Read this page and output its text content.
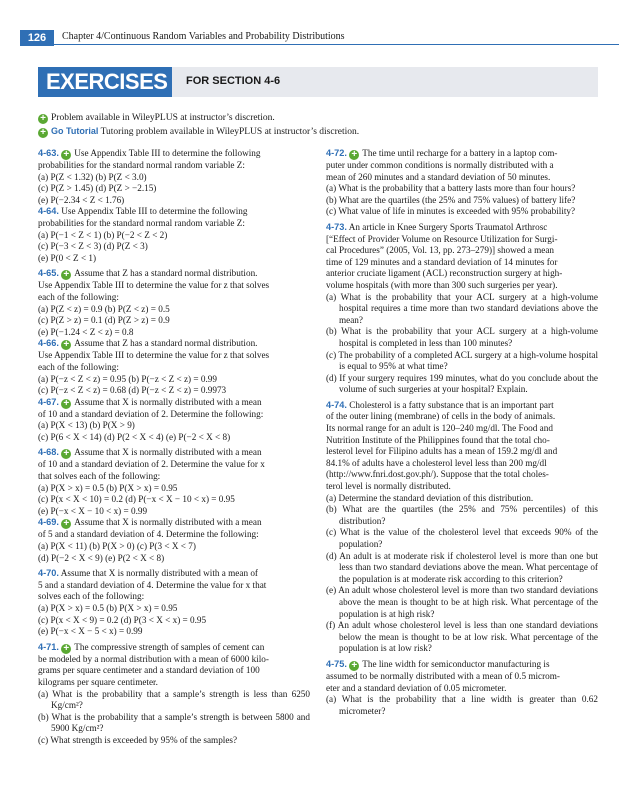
126	Chapter 4/Continuous Random Variables and Probability Distributions
EXERCISES FOR SECTION 4-6
+ Problem available in WileyPLUS at instructor’s discretion.
+ Go Tutorial Tutoring problem available in WileyPLUS at instructor’s discretion.
4-63. + Use Appendix Table III to determine the following
probabilities for the standard normal random variable Z:
(a) P(Z < 1.32) (b) P(Z < 3.0)
(c) P(Z > 1.45) (d) P(Z > −2.15)
(e) P(−2.34 < Z < 1.76)
4-64. Use Appendix Table III to determine the following
probabilities for the standard normal random variable Z:
(a) P(−1 < Z < 1) (b) P(−2 < Z < 2)
(c) P(−3 < Z < 3) (d) P(Z < 3)
(e) P(0 < Z < 1)
4-65. + Assume that Z has a standard normal distribution.
Use Appendix Table III to determine the value for z that solves
each of the following:
(a) P(Z < z) = 0.9 (b) P(Z < z) = 0.5
(c) P(Z > z) = 0.1 (d) P(Z > z) = 0.9
(e) P(−1.24 < Z < z) = 0.8
4-66. + Assume that Z has a standard normal distribution.
Use Appendix Table III to determine the value for z that solves
each of the following:
(a) P(−z < Z < z) = 0.95 (b) P(−z < Z < z) = 0.99
(c) P(−z < Z < z) = 0.68 (d) P(−z < Z < z) = 0.9973
4-67. + Assume that X is normally distributed with a mean
of 10 and a standard deviation of 2. Determine the following:
(a) P(X < 13) (b) P(X > 9)
(c) P(6 < X < 14) (d) P(2 < X < 4) (e) P(−2 < X < 8)
4-68. + Assume that X is normally distributed with a mean
of 10 and a standard deviation of 2. Determine the value for x
that solves each of the following:
(a) P(X > x) = 0.5 (b) P(X > x) = 0.95
(c) P(x < X < 10) = 0.2 (d) P(−x < X − 10 < x) = 0.95
(e) P(−x < X − 10 < x) = 0.99
4-69. + Assume that X is normally distributed with a mean
of 5 and a standard deviation of 4. Determine the following:
(a) P(X < 11) (b) P(X > 0) (c) P(3 < X < 7)
(d) P(−2 < X < 9) (e) P(2 < X < 8)
4-70. Assume that X is normally distributed with a mean of
5 and a standard deviation of 4. Determine the value for x that
solves each of the following:
(a) P(X > x) = 0.5 (b) P(X > x) = 0.95
(c) P(x < X < 9) = 0.2 (d) P(3 < X < x) = 0.95
(e) P(−x < X − 5 < x) = 0.99
4-71. + The compressive strength of samples of cement can
be modeled by a normal distribution with a mean of 6000 kilo-
grams per square centimeter and a standard deviation of 100
kilograms per square centimeter.

(a) What is the probability that a sample’s strength is less than 6250 Kg/cm²?

(b) What is the probability that a sample’s strength is between 5800 and 5900 Kg/cm²?

(c) What strength is exceeded by 95% of the samples?

4-72. + The time until recharge for a battery in a laptop com-
puter under common conditions is normally distributed with a
mean of 260 minutes and a standard deviation of 50 minutes.

(a) What is the probability that a battery lasts more than four hours?

(b) What are the quartiles (the 25% and 75% values) of battery life?

(c) What value of life in minutes is exceeded with 95% probability?

4-73. An article in Knee Surgery Sports Traumatol Arthrosc
[“Effect of Provider Volume on Resource Utilization for Surgi-
cal Procedures” (2005, Vol. 13, pp. 273–279)] showed a mean
time of 129 minutes and a standard deviation of 14 minutes for
anterior cruciate ligament (ACL) reconstruction surgery at high-
volume hospitals (with more than 300 such surgeries per year).

(a) What is the probability that your ACL surgery at a high-volume hospital requires a time more than two standard deviations above the mean?

(b) What is the probability that your ACL surgery at a high-volume hospital is completed in less than 100 minutes?

(c) The probability of a completed ACL surgery at a high-volume hospital is equal to 95% at what time?

(d) If your surgery requires 199 minutes, what do you conclude about the volume of such surgeries at your hospital? Explain.

4-74. Cholesterol is a fatty substance that is an important part
of the outer lining (membrane) of cells in the body of animals.
Its normal range for an adult is 120–240 mg/dl. The Food and
Nutrition Institute of the Philippines found that the total cho-
lesterol level for Filipino adults has a mean of 159.2 mg/dl and
84.1% of adults have a cholesterol level less than 200 mg/dl
(http://www.fnri.dost.gov.ph/). Suppose that the total choles-
terol level is normally distributed.

(a) Determine the standard deviation of this distribution.

(b) What are the quartiles (the 25% and 75% percentiles) of this distribution?

(c) What is the value of the cholesterol level that exceeds 90% of the population?

(d) An adult is at moderate risk if cholesterol level is more than one but less than two standard deviations above the mean. What percentage of the population is at moderate risk according to this criterion?

(e) An adult whose cholesterol level is more than two standard deviations above the mean is thought to be at high risk. What percentage of the population is at high risk?

(f) An adult whose cholesterol level is less than one standard deviations below the mean is thought to be at low risk. What percentage of the population is at low risk?

4-75. + The line width for semiconductor manufacturing is
assumed to be normally distributed with a mean of 0.5 microm-
eter and a standard deviation of 0.05 micrometer.

(a) What is the probability that a line width is greater than 0.62 micrometer?
